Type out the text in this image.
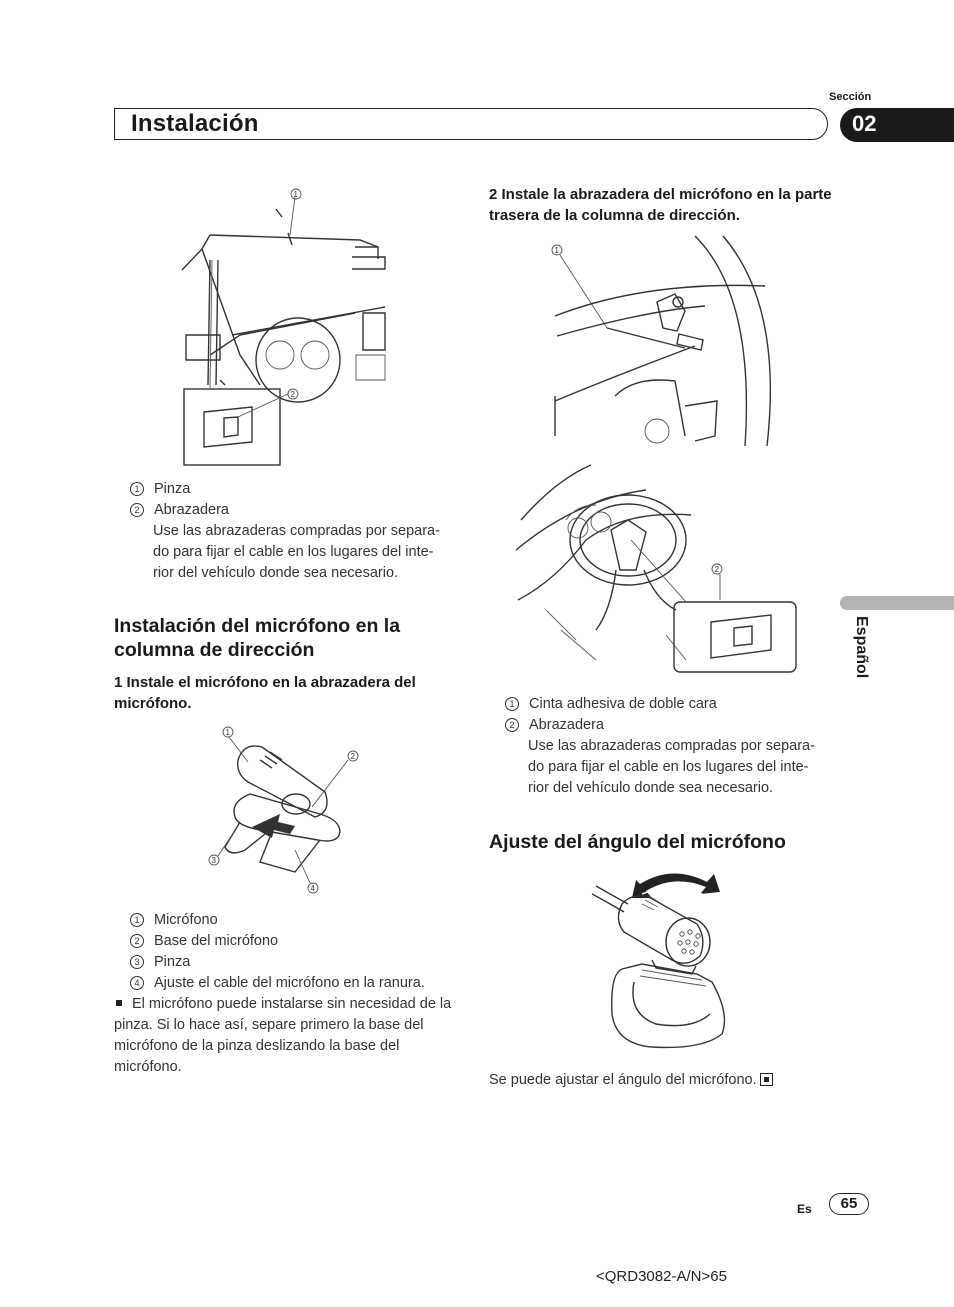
Sección
Instalación	02
Español
1
2
1 Pinza
2 Abrazadera
Use las abrazaderas compradas por separa-
do para fijar el cable en los lugares del inte-
rior del vehículo donde sea necesario.
Instalación del micrófono en la columna de dirección
1 Instale el micrófono en la abrazadera del micrófono.
1
2
3
4
1 Micrófono
2 Base del micrófono
3 Pinza
4 Ajuste el cable del micrófono en la ranura.
El micrófono puede instalarse sin necesidad de la pinza. Si lo hace así, separe primero la base del micrófono de la pinza deslizando la base del micrófono.
2 Instale la abrazadera del micrófono en la parte trasera de la columna de dirección.
1
2
1 Cinta adhesiva de doble cara
2 Abrazadera
Use las abrazaderas compradas por separa-
do para fijar el cable en los lugares del inte-
rior del vehículo donde sea necesario.
Ajuste del ángulo del micrófono
Se puede ajustar el ángulo del micrófono.
Es	65
<QRD3082-A/N>65
